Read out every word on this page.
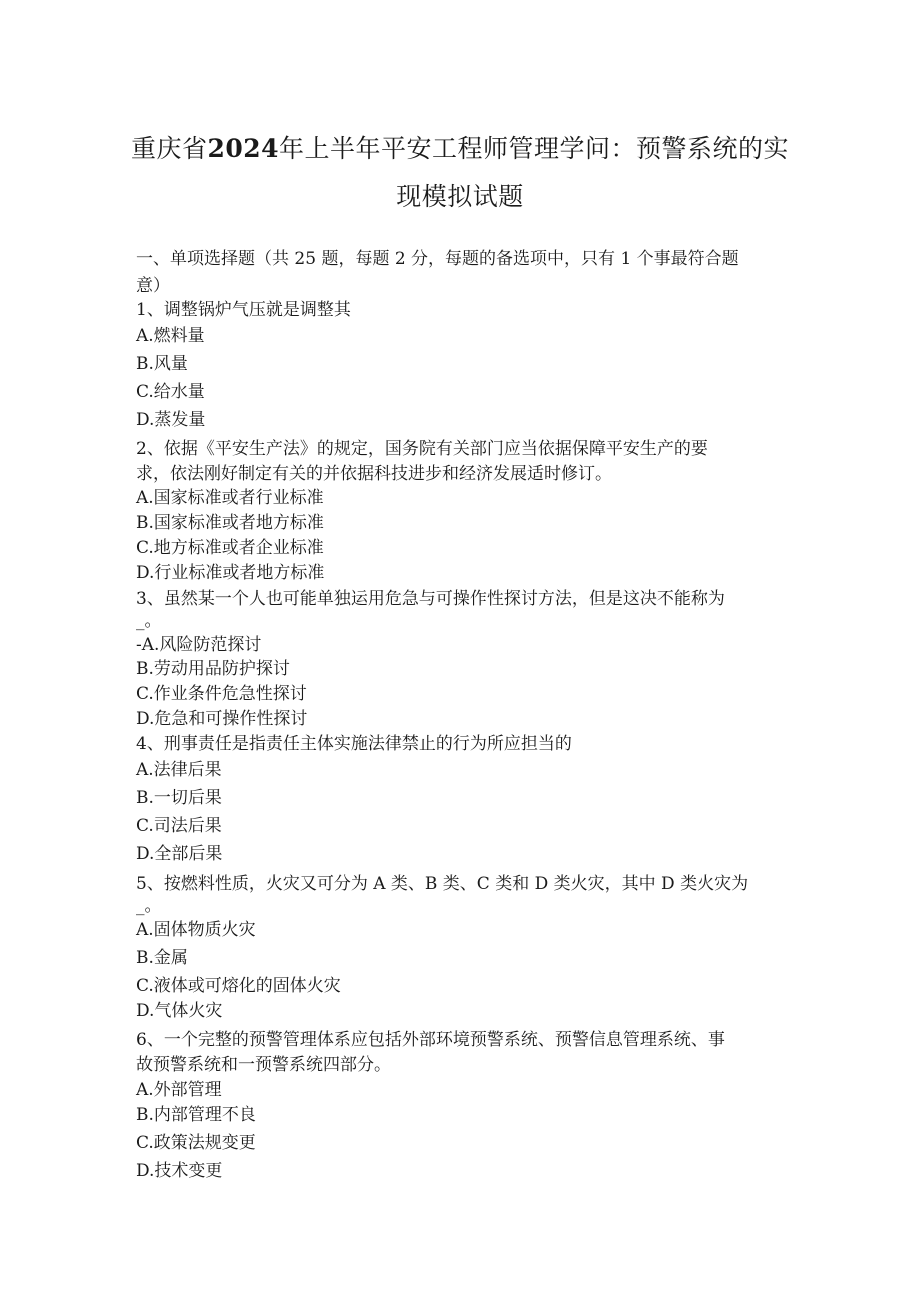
重庆省2024年上半年平安工程师管理学问：预警系统的实
现模拟试题
一、单项选择题（共 25 题，每题 2 分，每题的备选项中，只有 1 个事最符合题
意）
1、调整锅炉气压就是调整其
A.燃料量
B.风量
C.给水量
D.蒸发量
2、依据《平安生产法》的规定，国务院有关部门应当依据保障平安生产的要
求，依法刚好制定有关的并依据科技进步和经济发展适时修订。
A.国家标准或者行业标准
B.国家标准或者地方标准
C.地方标准或者企业标准
D.行业标准或者地方标准
3、虽然某一个人也可能单独运用危急与可操作性探讨方法，但是这决不能称为
_。
-A.风险防范探讨
B.劳动用品防护探讨
C.作业条件危急性探讨
D.危急和可操作性探讨
4、刑事责任是指责任主体实施法律禁止的行为所应担当的
A.法律后果
B.一切后果
C.司法后果
D.全部后果
5、按燃料性质，火灾又可分为 A 类、B 类、C 类和 D 类火灾，其中 D 类火灾为
_。
A.固体物质火灾
B.金属
C.液体或可熔化的固体火灾
D.气体火灾
6、一个完整的预警管理体系应包括外部环境预警系统、预警信息管理系统、事
故预警系统和一预警系统四部分。
A.外部管理
B.内部管理不良
C.政策法规变更
D.技术变更
